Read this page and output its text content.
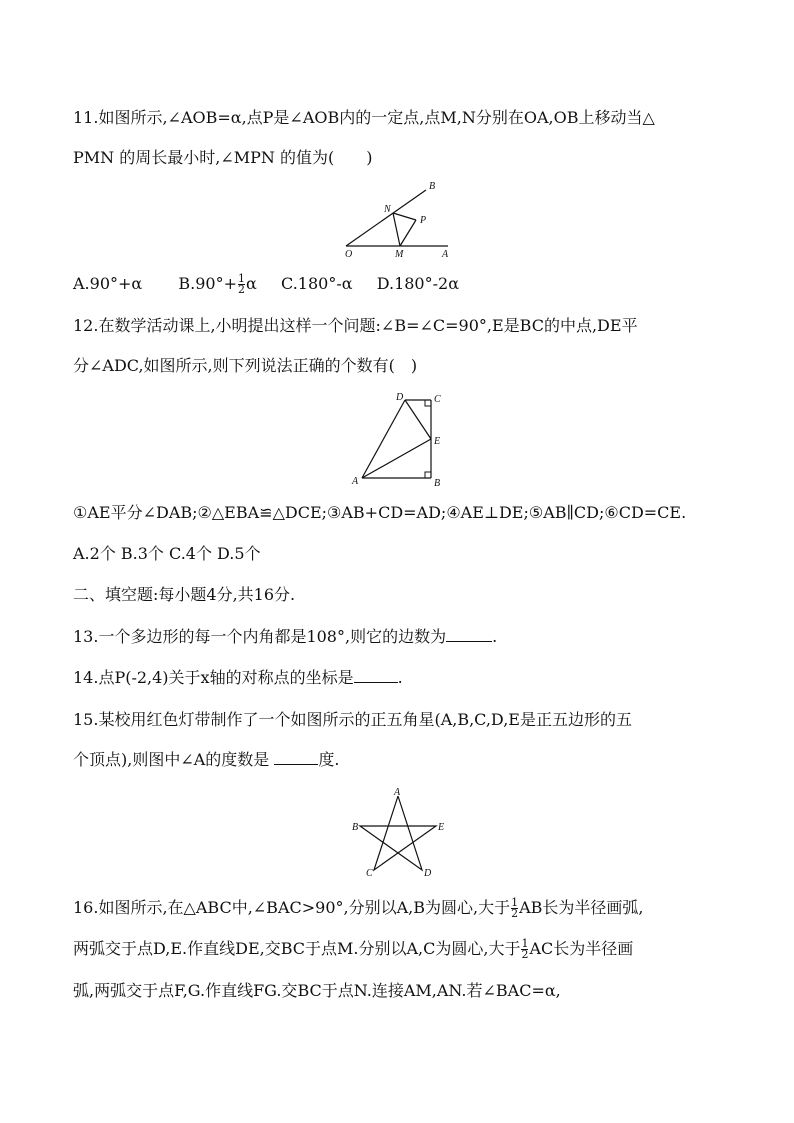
11.如图所示,∠AOB=α,点P是∠AOB内的一定点,点M,N分别在OA,OB上移动当△
PMN 的周长最小时,∠MPN 的值为(　　)
B
N
P
O	M	A
A.90°+α $B.90^\circ+ \frac{1}{2}$ α C.180°-α D.180°-2α
12.在数学活动课上,小明提出这样一个问题:∠B=∠C=90°,E是BC的中点,DE平
分∠ADC,如图所示,则下列说法正确的个数有(　)
D	C
E
A	B
①AE平分∠DAB;②△EBA≌△DCE;③AB+CD=AD;④AE⊥DE;⑤AB∥CD;⑥CD=CE.
A.2个 B.3个 C.4个 D.5个
二、填空题:每小题4分,共16分.
13.一个多边形的每一个内角都是108°,则它的边数为	.
14.点P(-2,4)关于x轴的对称点的坐标是	.
15.某校用红色灯带制作了一个如图所示的正五角星(A,B,C,D,E是正五边形的五
个顶点),则图中∠A的度数是	度.
A
B	E
C	D
16.如图所示,在△ABC中,∠BAC>90°,分别以A,B为圆心,大于 $\frac{1}{2}$ AB长为半径画弧,
两弧交于点D,E.作直线DE,交BC于点M.分别以A,C为圆心,大于 $\frac{1}{2}$ AC长为半径画
弧,两弧交于点F,G.作直线FG.交BC于点N.连接AM,AN.若∠BAC=α,
